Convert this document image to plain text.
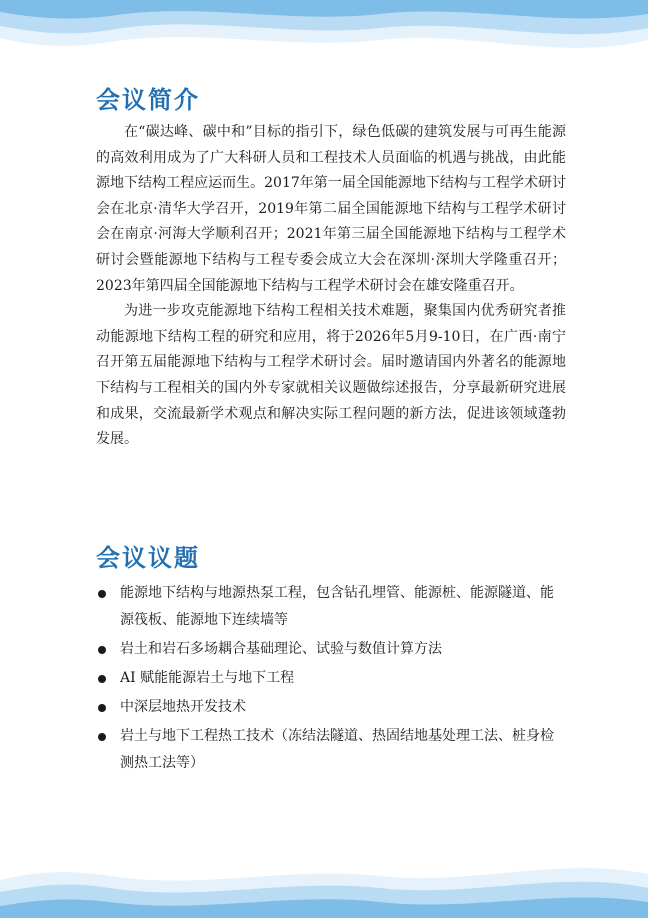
会议简介

在“碳达峰、碳中和”目标的指引下，绿色低碳的建筑发展与可再生能源的高效利用成为了广大科研人员和工程技术人员面临的机遇与挑战，由此能源地下结构工程应运而生。2017年第一届全国能源地下结构与工程学术研讨会在北京·清华大学召开，2019年第二届全国能源地下结构与工程学术研讨会在南京·河海大学顺利召开；2021年第三届全国能源地下结构与工程学术研讨会暨能源地下结构与工程专委会成立大会在深圳·深圳大学隆重召开；2023年第四届全国能源地下结构与工程学术研讨会在雄安隆重召开。

为进一步攻克能源地下结构工程相关技术难题，聚集国内优秀研究者推动能源地下结构工程的研究和应用，将于2026年5月9-10日，在广西·南宁召开第五届能源地下结构与工程学术研讨会。届时邀请国内外著名的能源地下结构与工程相关的国内外专家就相关议题做综述报告，分享最新研究进展和成果，交流最新学术观点和解决实际工程问题的新方法，促进该领域蓬勃发展。

会议议题
能源地下结构与地源热泵工程，包含钻孔埋管、能源桩、能源隧道、能源筏板、能源地下连续墙等
岩土和岩石多场耦合基础理论、试验与数值计算方法
AI 赋能能源岩土与地下工程
中深层地热开发技术
岩土与地下工程热工技术（冻结法隧道、热固结地基处理工法、桩身检测热工法等）
